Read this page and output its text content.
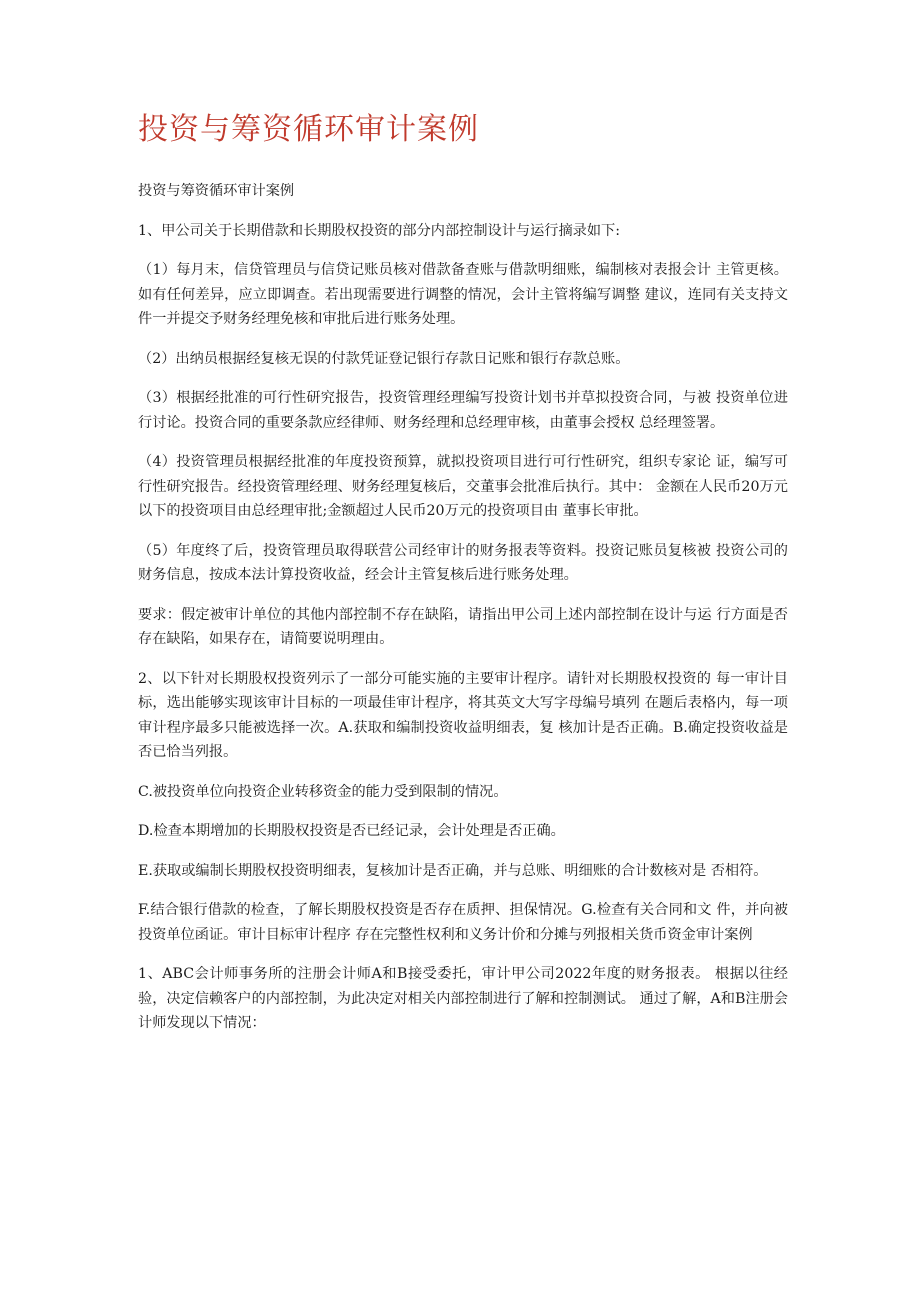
投资与筹资循环审计案例

投资与筹资循环审计案例

1、甲公司关于长期借款和长期股权投资的部分内部控制设计与运行摘录如下:

（1）每月末，信贷管理员与信贷记账员核对借款备查账与借款明细账，编制核对表报会计 主管更核。如有任何差异，应立即调查。若出现需要进行调整的情况，会计主管将编写调整 建议，连同有关支持文件一并提交予财务经理免核和审批后进行账务处理。

（2）出纳员根据经复核无误的付款凭证登记银行存款日记账和银行存款总账。

（3）根据经批准的可行性研究报告，投资管理经理编写投资计划书并草拟投资合同，与被 投资单位进行讨论。投资合同的重要条款应经律师、财务经理和总经理审核，由董事会授权 总经理签署。

（4）投资管理员根据经批准的年度投资预算，就拟投资项目进行可行性研究，组织专家论 证，编写可行性研究报告。经投资管理经理、财务经理复核后，交董事会批准后执行。其中： 金额在人民币20万元以下的投资项目由总经理审批;金额超过人民币20万元的投资项目由 董事长审批。

（5）年度终了后，投资管理员取得联营公司经审计的财务报表等资料。投资记账员复核被 投资公司的财务信息，按成本法计算投资收益，经会计主管复核后进行账务处理。

要求：假定被审计单位的其他内部控制不存在缺陷，请指出甲公司上述内部控制在设计与运 行方面是否存在缺陷，如果存在，请简要说明理由。

2、以下针对长期股权投资列示了一部分可能实施的主要审计程序。请针对长期股权投资的 每一审计目标，选出能够实现该审计目标的一项最佳审计程序，将其英文大写字母编号填列 在题后表格内，每一项审计程序最多只能被选择一次。A.获取和编制投资收益明细表，复 核加计是否正确。B.确定投资收益是否已恰当列报。

C.被投资单位向投资企业转移资金的能力受到限制的情况。

D.检查本期增加的长期股权投资是否已经记录，会计处理是否正确。

E.获取或编制长期股权投资明细表，复核加计是否正确，并与总账、明细账的合计数核对是 否相符。

F.结合银行借款的检查，了解长期股权投资是否存在质押、担保情况。G.检查有关合同和文 件，并向被投资单位函证。审计目标审计程序 存在完整性权利和义务计价和分摊与列报相关货币资金审计案例

1、ABC会计师事务所的注册会计师A和B接受委托，审计甲公司2022年度的财务报表。 根据以往经验，决定信赖客户的内部控制，为此决定对相关内部控制进行了解和控制测试。 通过了解，A和B注册会计师发现以下情况：
